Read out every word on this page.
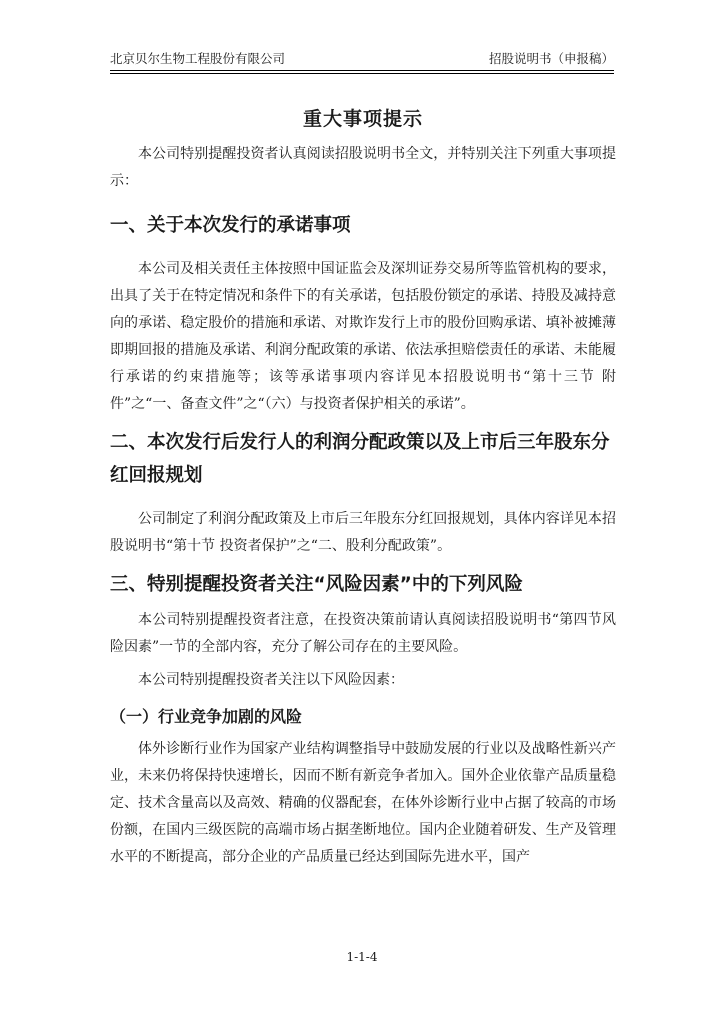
北京贝尔生物工程股份有限公司	招股说明书（申报稿）
重大事项提示

本公司特别提醒投资者认真阅读招股说明书全文，并特别关注下列重大事项提示：

一、关于本次发行的承诺事项

本公司及相关责任主体按照中国证监会及深圳证券交易所等监管机构的要求，出具了关于在特定情况和条件下的有关承诺，包括股份锁定的承诺、持股及减持意向的承诺、稳定股价的措施和承诺、对欺诈发行上市的股份回购承诺、填补被摊薄即期回报的措施及承诺、利润分配政策的承诺、依法承担赔偿责任的承诺、未能履行承诺的约束措施等；该等承诺事项内容详见本招股说明书“第十三节 附件”之“一、备查文件”之“（六）与投资者保护相关的承诺”。

二、本次发行后发行人的利润分配政策以及上市后三年股东分红回报规划

公司制定了利润分配政策及上市后三年股东分红回报规划，具体内容详见本招股说明书“第十节 投资者保护”之“二、股利分配政策”。

三、特别提醒投资者关注“风险因素”中的下列风险

本公司特别提醒投资者注意，在投资决策前请认真阅读招股说明书“第四节风险因素”一节的全部内容，充分了解公司存在的主要风险。

本公司特别提醒投资者关注以下风险因素：

（一）行业竞争加剧的风险

体外诊断行业作为国家产业结构调整指导中鼓励发展的行业以及战略性新兴产业，未来仍将保持快速增长，因而不断有新竞争者加入。国外企业依靠产品质量稳定、技术含量高以及高效、精确的仪器配套，在体外诊断行业中占据了较高的市场份额，在国内三级医院的高端市场占据垄断地位。国内企业随着研发、生产及管理水平的不断提高，部分企业的产品质量已经达到国际先进水平，国产

1-1-4
